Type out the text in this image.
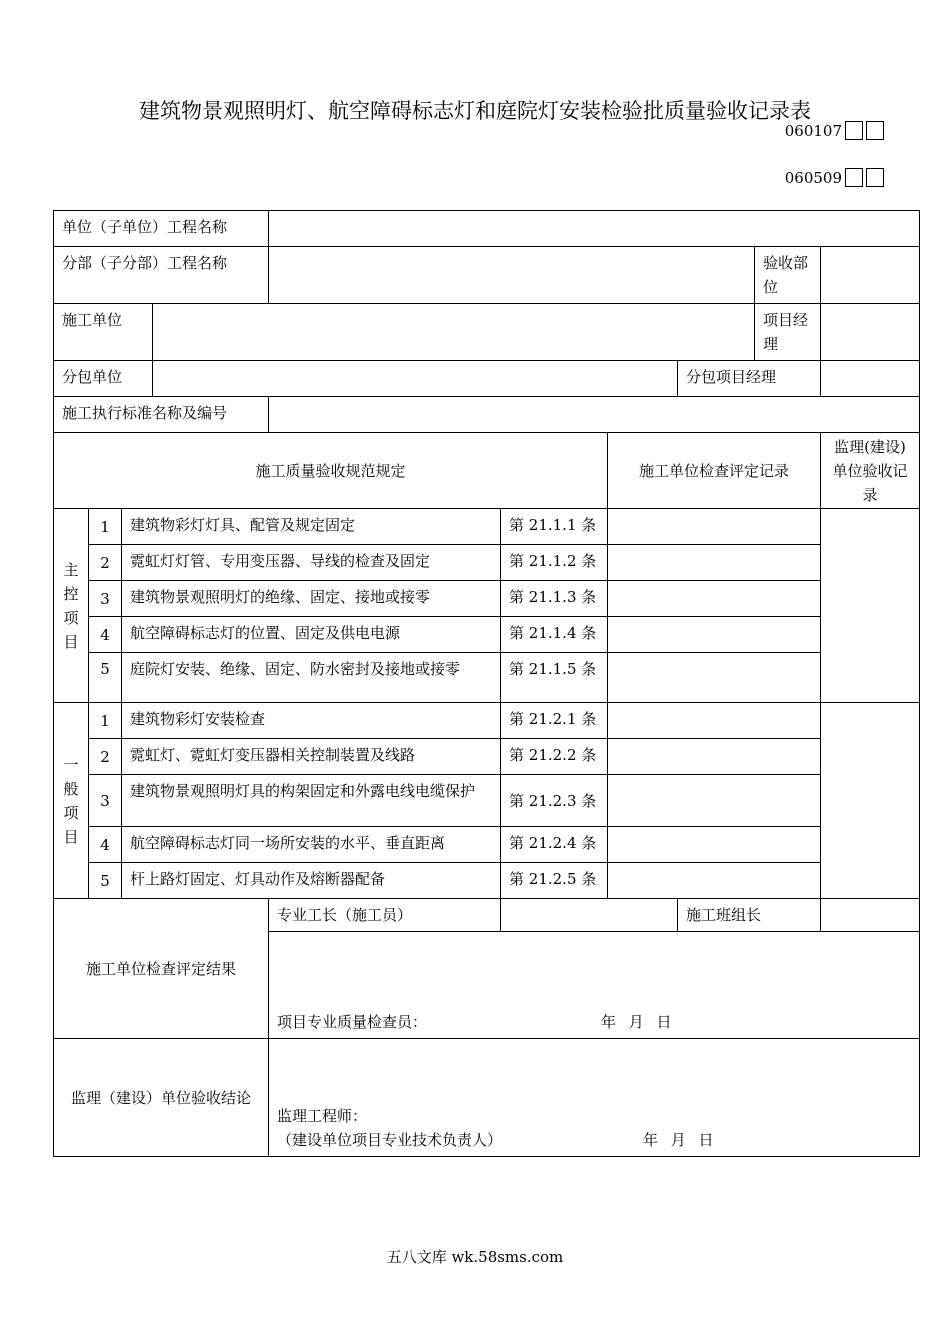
建筑物景观照明灯、航空障碍标志灯和庭院灯安装检验批质量验收记录表
060107
060509
单位（子单位）工程名称									
分部（子分部）工程名称								验收部位	
施工单位								项目经理	
分包单位							分包项目经理		
施工执行标准名称及编号									
施工质量验收规范规定						施工单位检查评定记录			监理(建设)单位验收记录
主控项目	1	建筑物彩灯灯具、配管及规定固定			第 21.1.1 条				
	2	霓虹灯灯管、专用变压器、导线的检查及固定			第 21.1.2 条				
	3	建筑物景观照明灯的绝缘、固定、接地或接零			第 21.1.3 条				
	4	航空障碍标志灯的位置、固定及供电电源			第 21.1.4 条				
	5	庭院灯安装、绝缘、固定、防水密封及接地或接零			第 21.1.5 条				
一般项目	1	建筑物彩灯安装检查			第 21.2.1 条				
	2	霓虹灯、霓虹灯变压器相关控制装置及线路			第 21.2.2 条				
	3	建筑物景观照明灯具的构架固定和外露电线电缆保护			第 21.2.3 条				
	4	航空障碍标志灯同一场所安装的水平、垂直距离			第 21.2.4 条				
	5	杆上路灯固定、灯具动作及熔断器配备			第 21.2.5 条				
施工单位检查评定结果				专业工长（施工员）			施工班组长		

				项目专业质量检查员： 年 月 日					

监理（建设）单位验收结论				监理工程师：
（建设单位项目专业技术负责人） 年 月 日					
五八文库 wk.58sms.com
